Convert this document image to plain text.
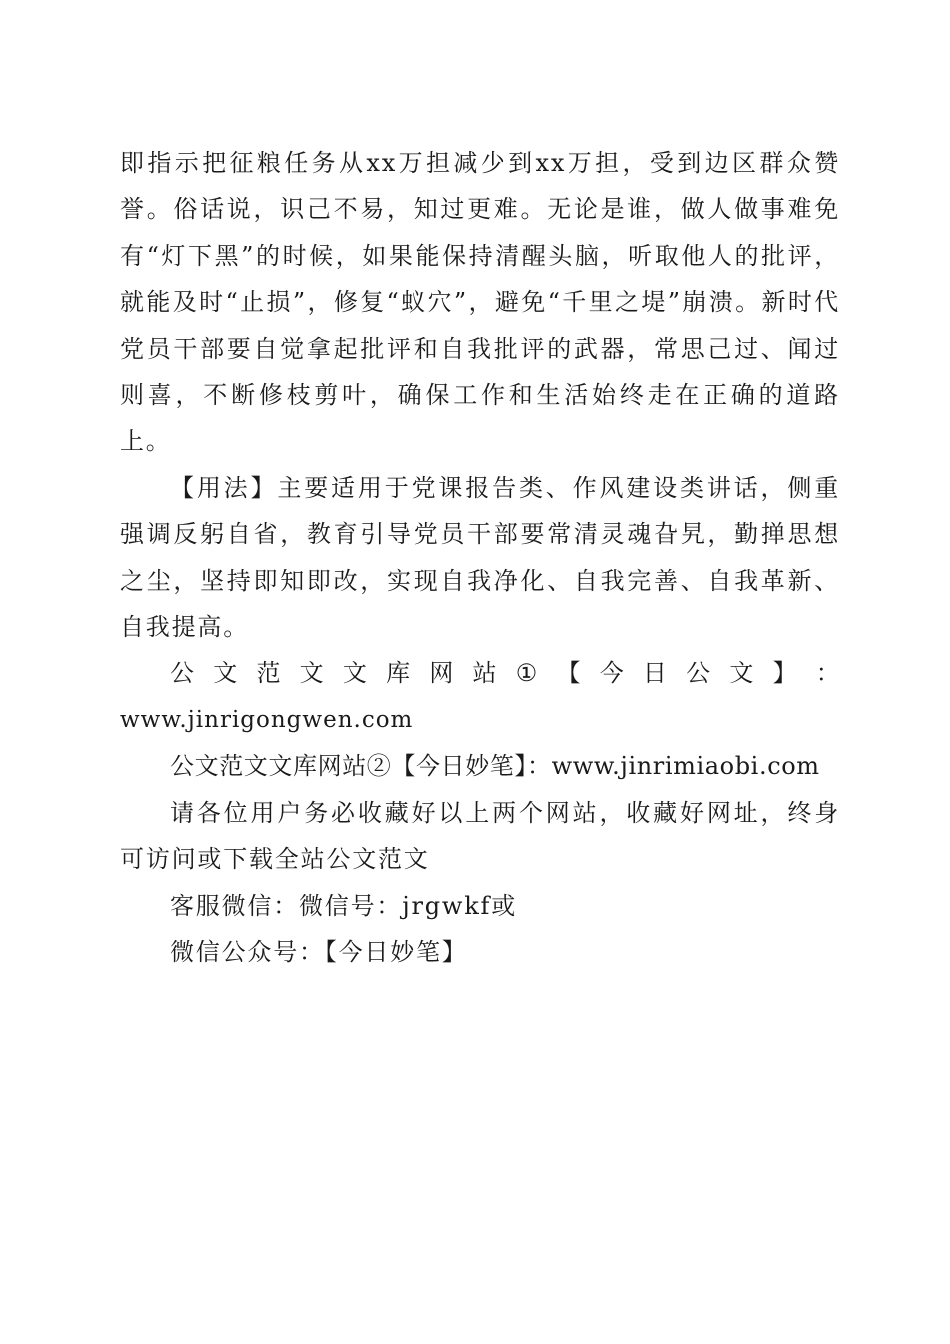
即指示把征粮任务从xx万担减少到xx万担，受到边区群众赞誉。俗话说，识己不易，知过更难。无论是谁，做人做事难免有“灯下黑”的时候，如果能保持清醒头脑，听取他人的批评，就能及时“止损”，修复“蚁穴”，避免“千里之堤”崩溃。新时代党员干部要自觉拿起批评和自我批评的武器，常思己过、闻过则喜，不断修枝剪叶，确保工作和生活始终走在正确的道路上。

【用法】主要适用于党课报告类、作风建设类讲话，侧重强调反躬自省，教育引导党员干部要常清灵魂旮旯，勤掸思想之尘，坚持即知即改，实现自我净化、自我完善、自我革新、自我提高。

公 文 范 文 文 库 网 站 ① 【 今 日 公 文 】 ：

www.jinrigongwen.com

公文范文文库网站②【今日妙笔】：www.jinrimiaobi.com

请各位用户务必收藏好以上两个网站，收藏好网址，终身可访问或下载全站公文范文

客服微信：微信号：jrgwkf或

微信公众号：【今日妙笔】
